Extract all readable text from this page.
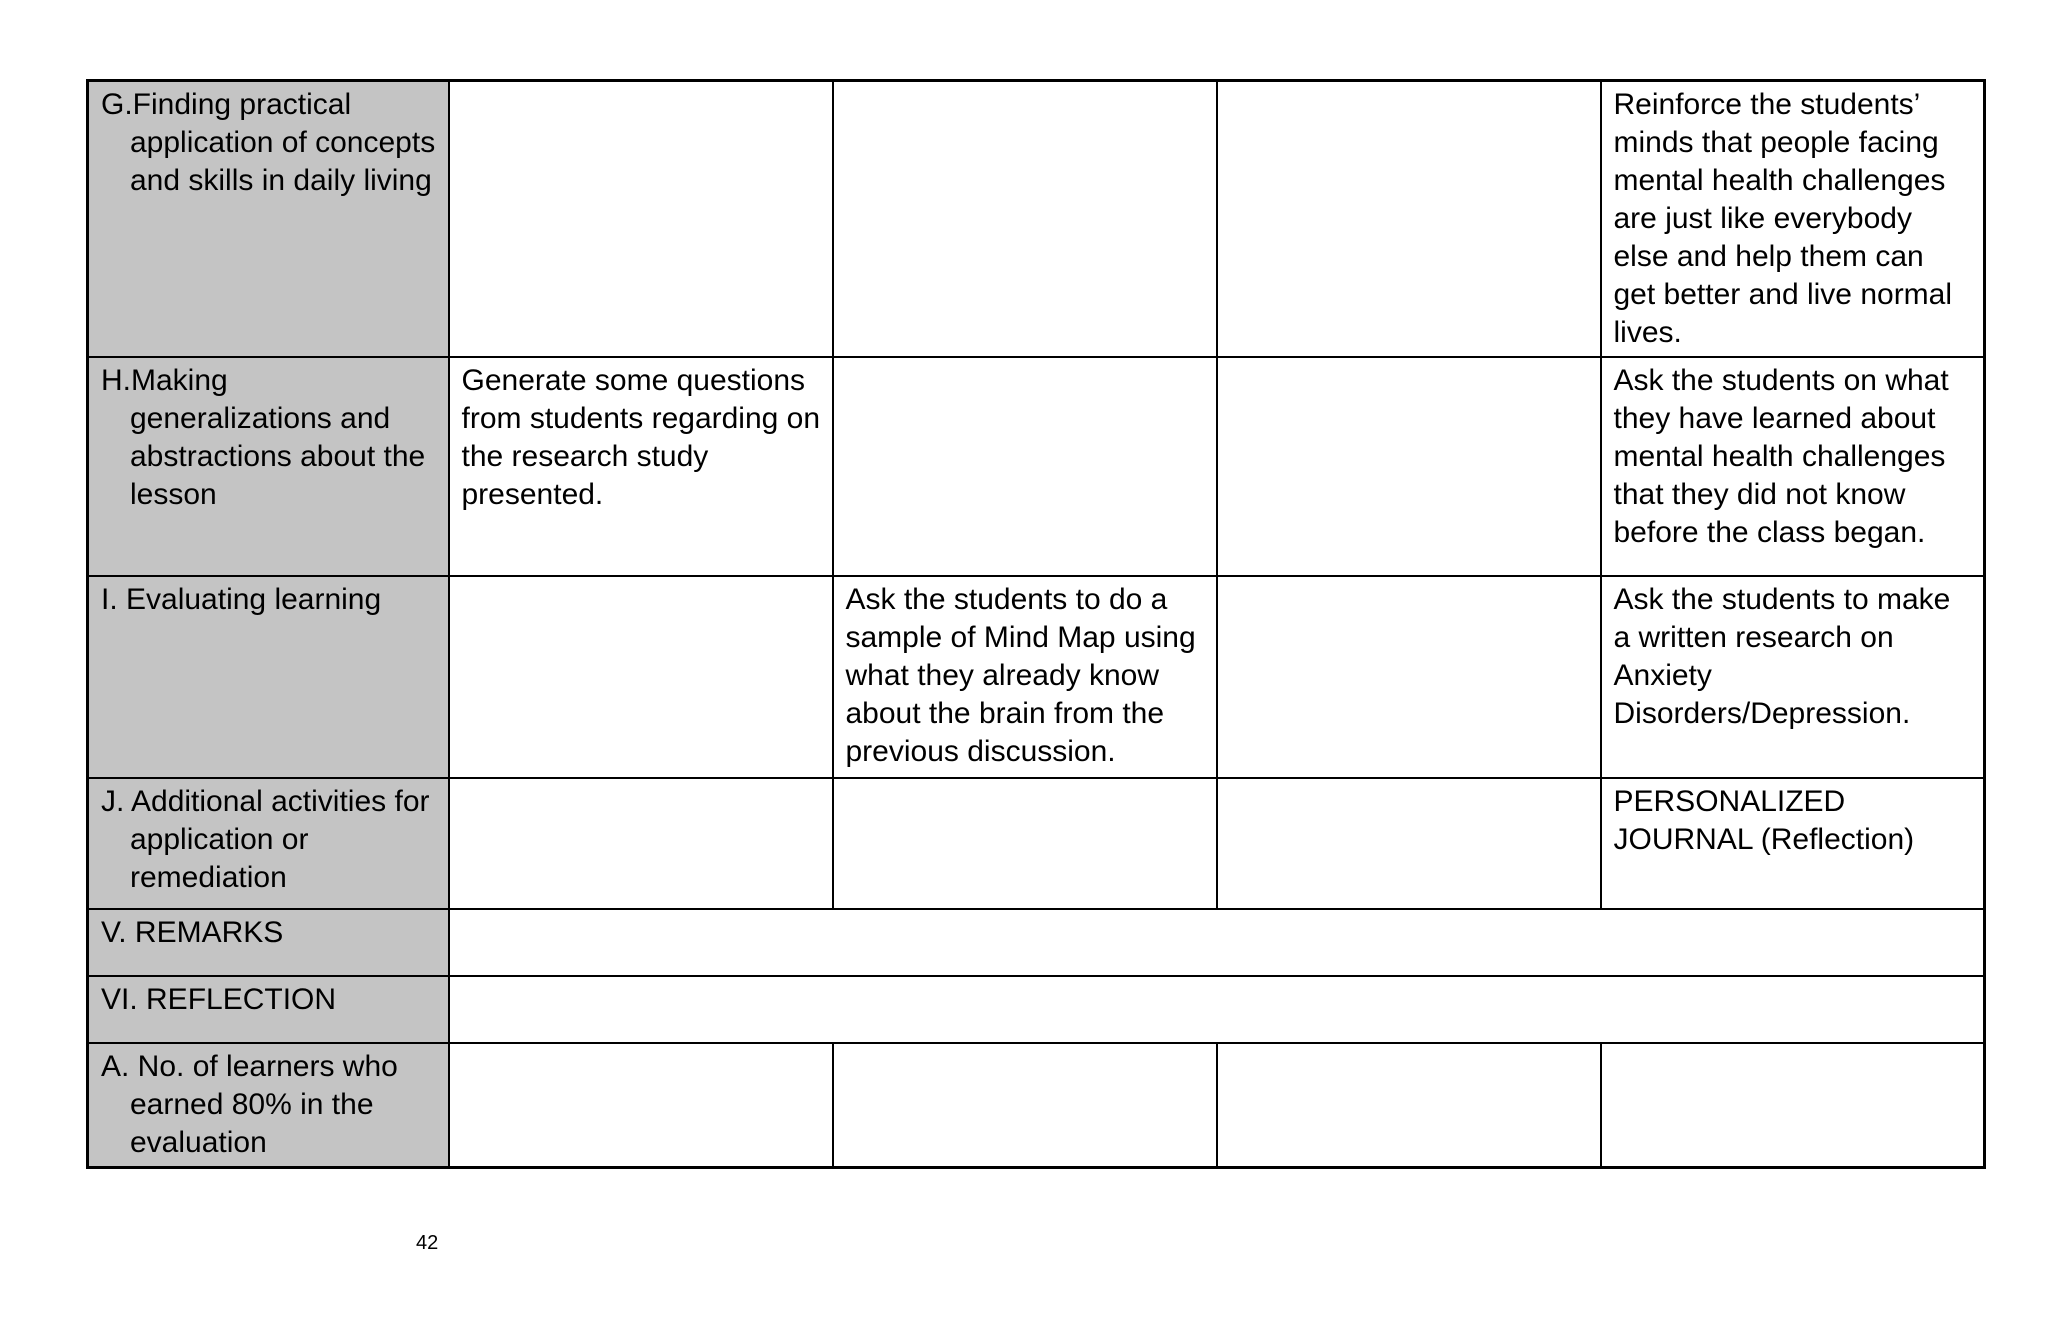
G.Finding practical application of concepts and skills in daily living				Reinforce the students’ minds that people facing mental health challenges are just like everybody else and help them can get better and live normal lives.

H.Making generalizations and abstractions about the lesson	Generate some questions from students regarding on the research study presented.			Ask the students on what they have learned about mental health challenges that they did not know before the class began.

I. Evaluating learning		Ask the students to do a sample of Mind Map using what they already know about the brain from the previous discussion.		Ask the students to make a written research on Anxiety Disorders/Depression.

J. Additional activities for application or remediation				PERSONALIZED JOURNAL (Reflection)

V. REMARKS				

VI. REFLECTION				

A. No. of learners who earned 80% in the evaluation				

42
